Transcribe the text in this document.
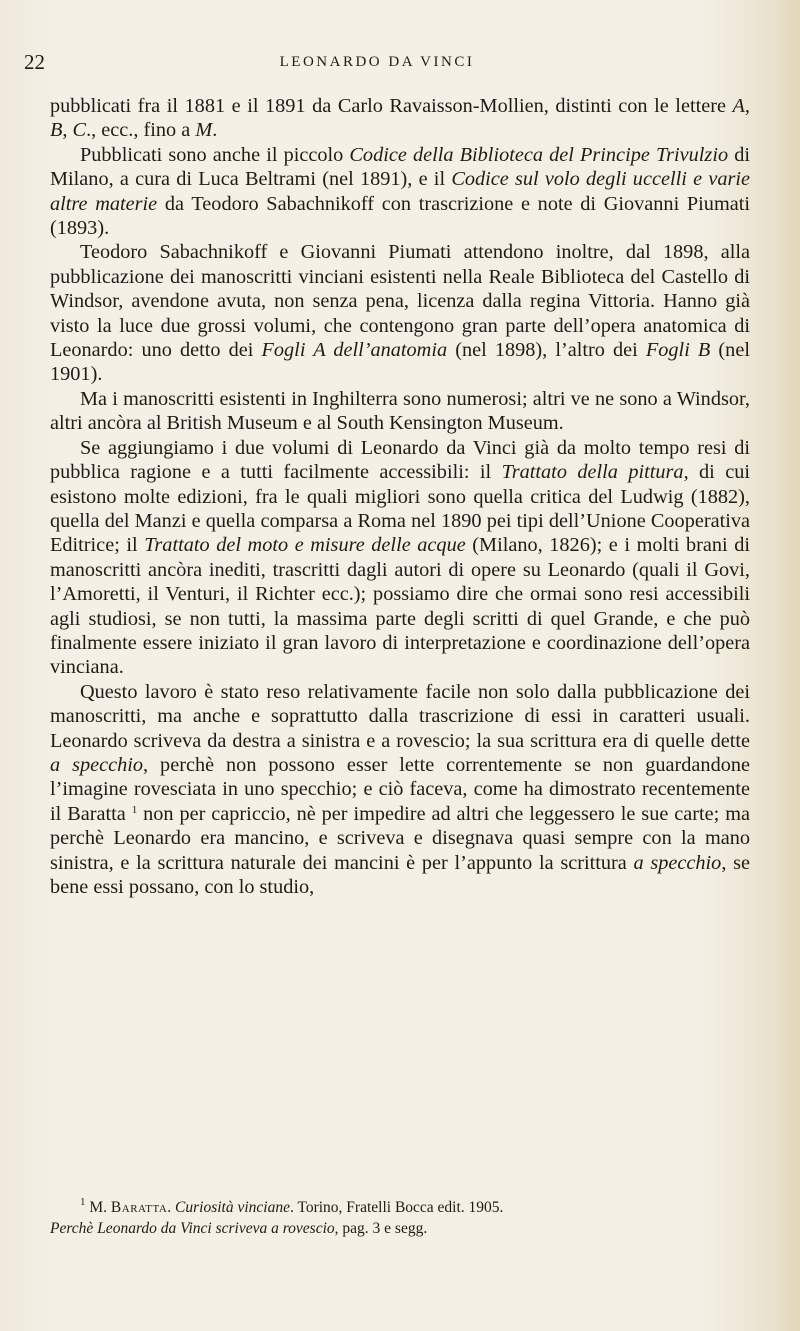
22	LEONARDO DA VINCI

pubblicati fra il 1881 e il 1891 da Carlo Ravaisson-Mollien, distinti con le lettere A, B, C., ecc., fino a M.

Pubblicati sono anche il piccolo Codice della Biblioteca del Principe Trivulzio di Milano, a cura di Luca Beltrami (nel 1891), e il Codice sul volo degli uccelli e varie altre materie da Teodoro Sabachnikoff con trascrizione e note di Giovanni Piumati (1893).

Teodoro Sabachnikoff e Giovanni Piumati attendono inoltre, dal 1898, alla pubblicazione dei manoscritti vinciani esistenti nella Reale Biblioteca del Castello di Windsor, avendone avuta, non senza pena, licenza dalla regina Vittoria. Hanno già visto la luce due grossi volumi, che contengono gran parte dell’opera anatomica di Leonardo: uno detto dei Fogli A dell’anatomia (nel 1898), l’altro dei Fogli B (nel 1901).

Ma i manoscritti esistenti in Inghilterra sono numerosi; altri ve ne sono a Windsor, altri ancòra al British Museum e al South Kensington Museum.

Se aggiungiamo i due volumi di Leonardo da Vinci già da molto tempo resi di pubblica ragione e a tutti facilmente accessibili: il Trattato della pittura, di cui esistono molte edizioni, fra le quali migliori sono quella critica del Ludwig (1882), quella del Manzi e quella comparsa a Roma nel 1890 pei tipi dell’Unione Cooperativa Editrice; il Trattato del moto e misure delle acque (Milano, 1826); e i molti brani di manoscritti ancòra inediti, trascritti dagli autori di opere su Leonardo (quali il Govi, l’Amoretti, il Venturi, il Richter ecc.); possiamo dire che ormai sono resi accessibili agli studiosi, se non tutti, la massima parte degli scritti di quel Grande, e che può finalmente essere iniziato il gran lavoro di interpretazione e coordinazione dell’opera vinciana.

Questo lavoro è stato reso relativamente facile non solo dalla pubblicazione dei manoscritti, ma anche e soprattutto dalla trascrizione di essi in caratteri usuali. Leonardo scriveva da destra a sinistra e a rovescio; la sua scrittura era di quelle dette a specchio, perchè non possono esser lette correntemente se non guardandone l’imagine rovesciata in uno specchio; e ciò faceva, come ha dimostrato recentemente il Baratta $^1$ non per capriccio, nè per impedire ad altri che leggessero le sue carte; ma perchè Leonardo era mancino, e scriveva e disegnava quasi sempre con la mano sinistra, e la scrittura naturale dei mancini è per l’appunto la scrittura a specchio, se bene essi possano, con lo studio,

$^1$ M. Baratta. Curiosità vinciane. Torino, Fratelli Bocca edit. 1905.

Perchè Leonardo da Vinci scriveva a rovescio, pag. 3 e segg.
